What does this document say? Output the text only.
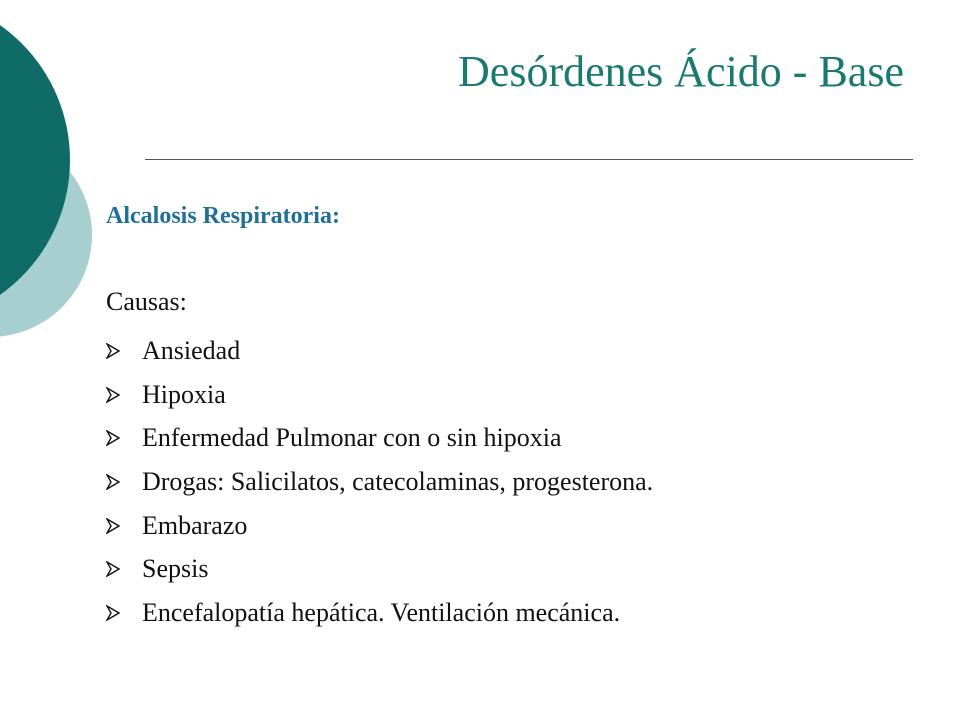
Desórdenes Ácido - Base
Alcalosis Respiratoria:
Causas:
Ansiedad
Hipoxia
Enfermedad Pulmonar con o sin hipoxia
Drogas: Salicilatos, catecolaminas, progesterona.
Embarazo
Sepsis
Encefalopatía hepática. Ventilación mecánica.
